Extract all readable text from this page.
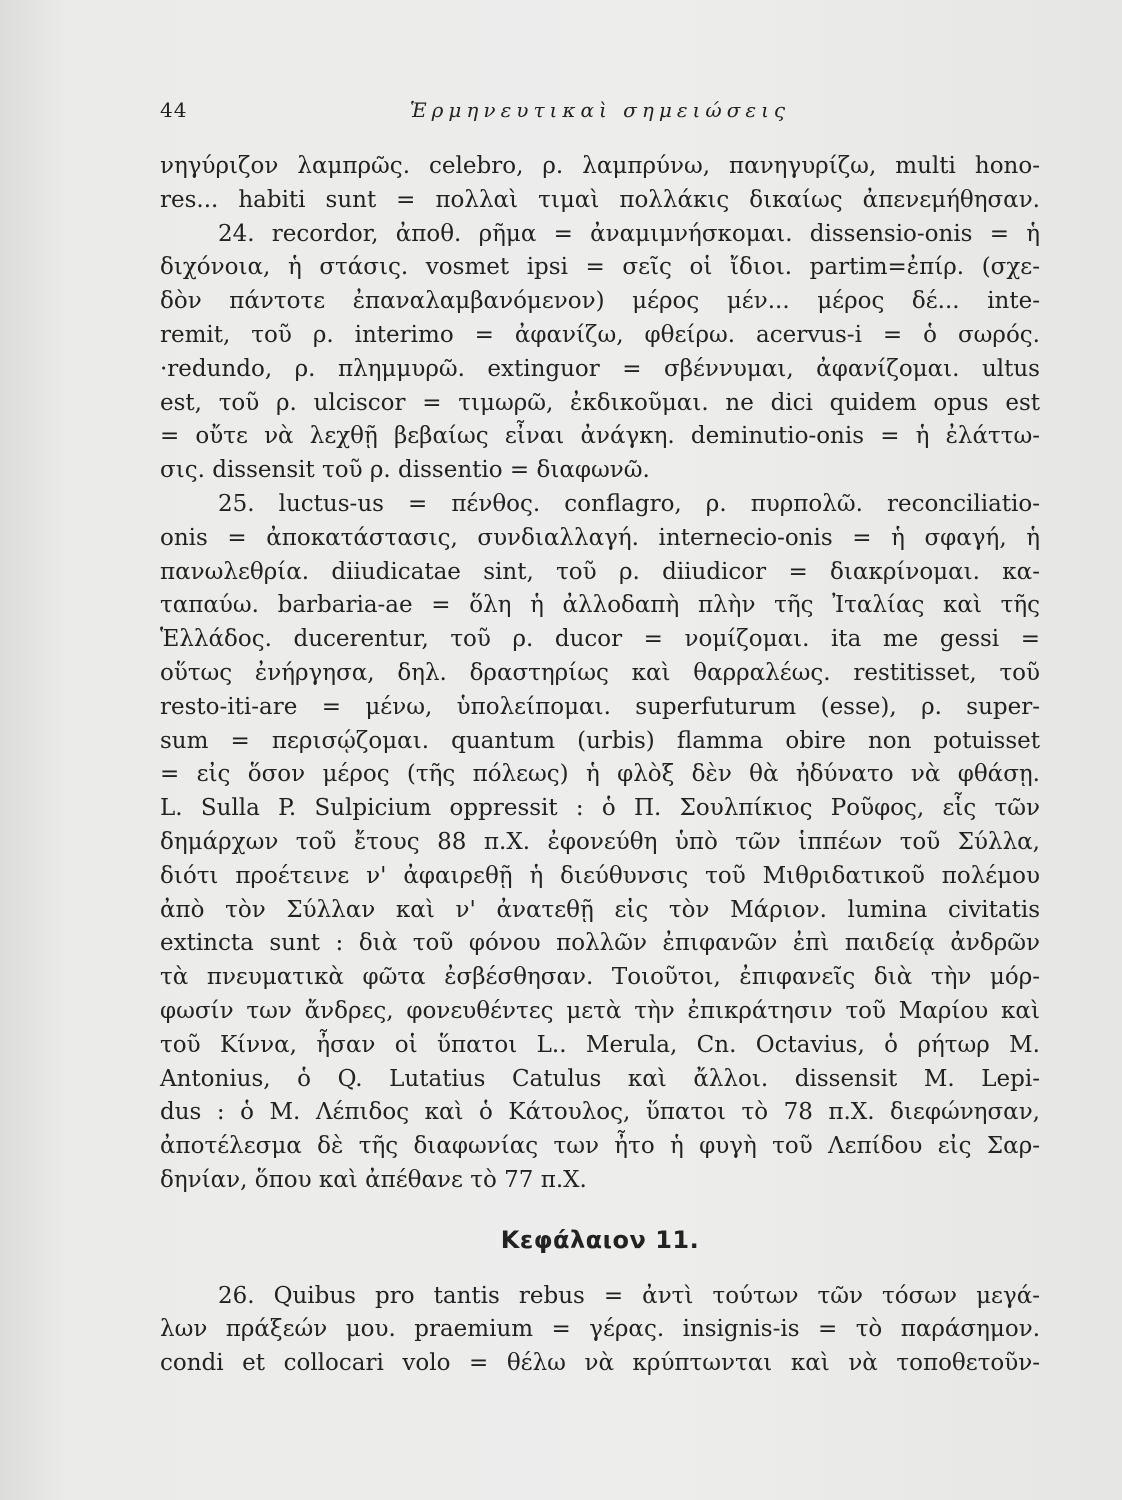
44	Ἑρμηνευτικαὶ σημειώσεις
νηγύριζον λαμπρῶς. celebro, ρ. λαμπρύνω, πανηγυρίζω, multi hono-
res... habiti sunt = πολλαὶ τιμαὶ πολλάκις δικαίως ἀπενεμήθησαν.
24. recordor, ἀποθ. ρῆμα = ἀναμιμνήσκομαι. dissensio-onis = ἡ
διχόνοια, ἡ στάσις. vosmet ipsi = σεῖς οἱ ἴδιοι. partim=ἐπίρ. (σχε-
δὸν πάντοτε ἐπαναλαμβανόμενον) μέρος μέν... μέρος δέ... inte-
remit, τοῦ ρ. interimo = ἀφανίζω, φθείρω. acervus-i = ὁ σωρός.
·redundo, ρ. πλημμυρῶ. extinguor = σβέννυμαι, ἀφανίζομαι. ultus
est, τοῦ ρ. ulciscor = τιμωρῶ, ἐκδικοῦμαι. ne dici quidem opus est
= οὔτε νὰ λεχθῇ βεβαίως εἶναι ἀνάγκη. deminutio-onis = ἡ ἐλάττω-
σις. dissensit τοῦ ρ. dissentio = διαφωνῶ.
25. luctus-us = πένθος. conflagro, ρ. πυρπολῶ. reconciliatio-
onis = ἀποκατάστασις, συνδιαλλαγή. internecio-onis = ἡ σφαγή, ἡ
πανωλεθρία. diiudicatae sint, τοῦ ρ. diiudicor = διακρίνομαι. κα-
ταπαύω. barbaria-ae = ὅλη ἡ ἀλλοδαπὴ πλὴν τῆς Ἰταλίας καὶ τῆς
Ἑλλάδος. ducerentur, τοῦ ρ. ducor = νομίζομαι. ita me gessi =
οὕτως ἐνήργησα, δηλ. δραστηρίως καὶ θαρραλέως. restitisset, τοῦ
resto-iti-are = μένω, ὑπολείπομαι. superfuturum (esse), ρ. super-
sum = περισῴζομαι. quantum (urbis) flamma obire non potuisset
= εἰς ὅσον μέρος (τῆς πόλεως) ἡ φλὸξ δὲν θὰ ἠδύνατο νὰ φθάσῃ.
L. Sulla P. Sulpicium oppressit : ὁ Π. Σουλπίκιος Ροῦφος, εἷς τῶν
δημάρχων τοῦ ἔτους 88 π.Χ. ἐφονεύθη ὑπὸ τῶν ἱππέων τοῦ Σύλλα,
διότι προέτεινε ν' ἀφαιρεθῇ ἡ διεύθυνσις τοῦ Μιθριδατικοῦ πολέμου
ἀπὸ τὸν Σύλλαν καὶ ν' ἀνατεθῇ εἰς τὸν Μάριον. lumina civitatis
extincta sunt : διὰ τοῦ φόνου πολλῶν ἐπιφανῶν ἐπὶ παιδείᾳ ἀνδρῶν
τὰ πνευματικὰ φῶτα ἐσβέσθησαν. Τοιοῦτοι, ἐπιφανεῖς διὰ τὴν μόρ-
φωσίν των ἄνδρες, φονευθέντες μετὰ τὴν ἐπικράτησιν τοῦ Μαρίου καὶ
τοῦ Κίννα, ἦσαν οἱ ὕπατοι L.. Merula, Cn. Octavius, ὁ ρήτωρ M.
Antonius, ὁ Q. Lutatius Catulus καὶ ἄλλοι. dissensit M. Lepi-
dus : ὁ Μ. Λέπιδος καὶ ὁ Κάτουλος, ὕπατοι τὸ 78 π.Χ. διεφώνησαν,
ἀποτέλεσμα δὲ τῆς διαφωνίας των ἦτο ἡ φυγὴ τοῦ Λεπίδου εἰς Σαρ-
δηνίαν, ὅπου καὶ ἀπέθανε τὸ 77 π.Χ.
Κεφάλαιον 11.
26. Quibus pro tantis rebus = ἀντὶ τούτων τῶν τόσων μεγά-
λων πράξεών μου. praemium = γέρας. insignis-is = τὸ παράσημον.
condi et collocari volo = θέλω νὰ κρύπτωνται καὶ νὰ τοποθετοῦν-
